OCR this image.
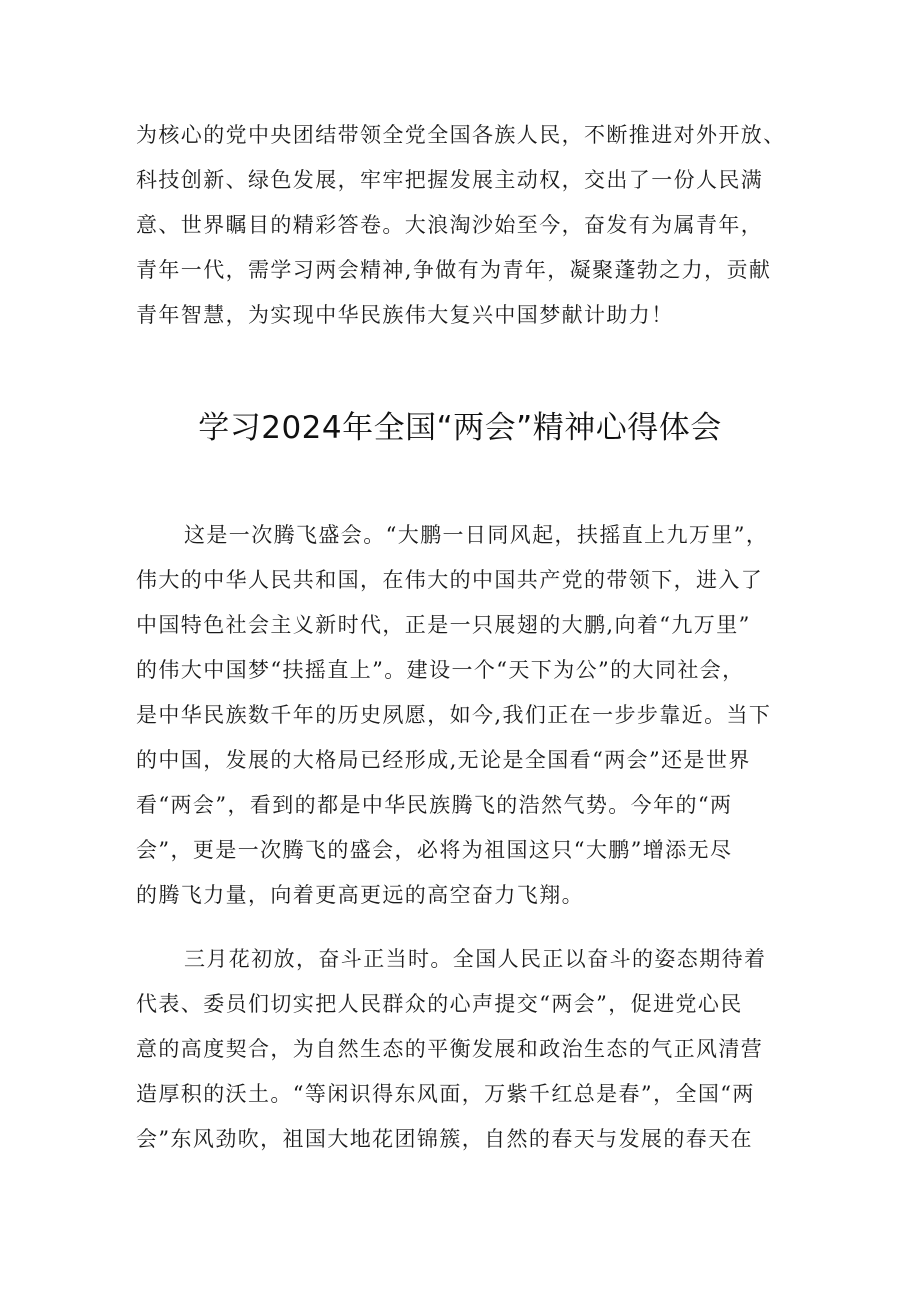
为核心的党中央团结带领全党全国各族人民，不断推进对外开放、
科技创新、绿色发展，牢牢把握发展主动权，交出了一份人民满
意、世界瞩目的精彩答卷。大浪淘沙始至今，奋发有为属青年，
青年一代，需学习两会精神,争做有为青年，凝聚蓬勃之力，贡献
青年智慧，为实现中华民族伟大复兴中国梦献计助力！
学习2024年全国“两会”精神心得体会
这是一次腾飞盛会。“大鹏一日同风起，扶摇直上九万里”，
伟大的中华人民共和国，在伟大的中国共产党的带领下，进入了
中国特色社会主义新时代，正是一只展翅的大鹏,向着“九万里”
的伟大中国梦“扶摇直上”。建设一个“天下为公”的大同社会，
是中华民族数千年的历史夙愿，如今,我们正在一步步靠近。当下
的中国，发展的大格局已经形成,无论是全国看“两会”还是世界
看“两会”，看到的都是中华民族腾飞的浩然气势。今年的“两
会”，更是一次腾飞的盛会，必将为祖国这只“大鹏”增添无尽
的腾飞力量，向着更高更远的高空奋力飞翔。
三月花初放，奋斗正当时。全国人民正以奋斗的姿态期待着
代表、委员们切实把人民群众的心声提交“两会”，促进党心民
意的高度契合，为自然生态的平衡发展和政治生态的气正风清营
造厚积的沃土。“等闲识得东风面，万紫千红总是春”，全国“两
会”东风劲吹，祖国大地花团锦簇，自然的春天与发展的春天在
